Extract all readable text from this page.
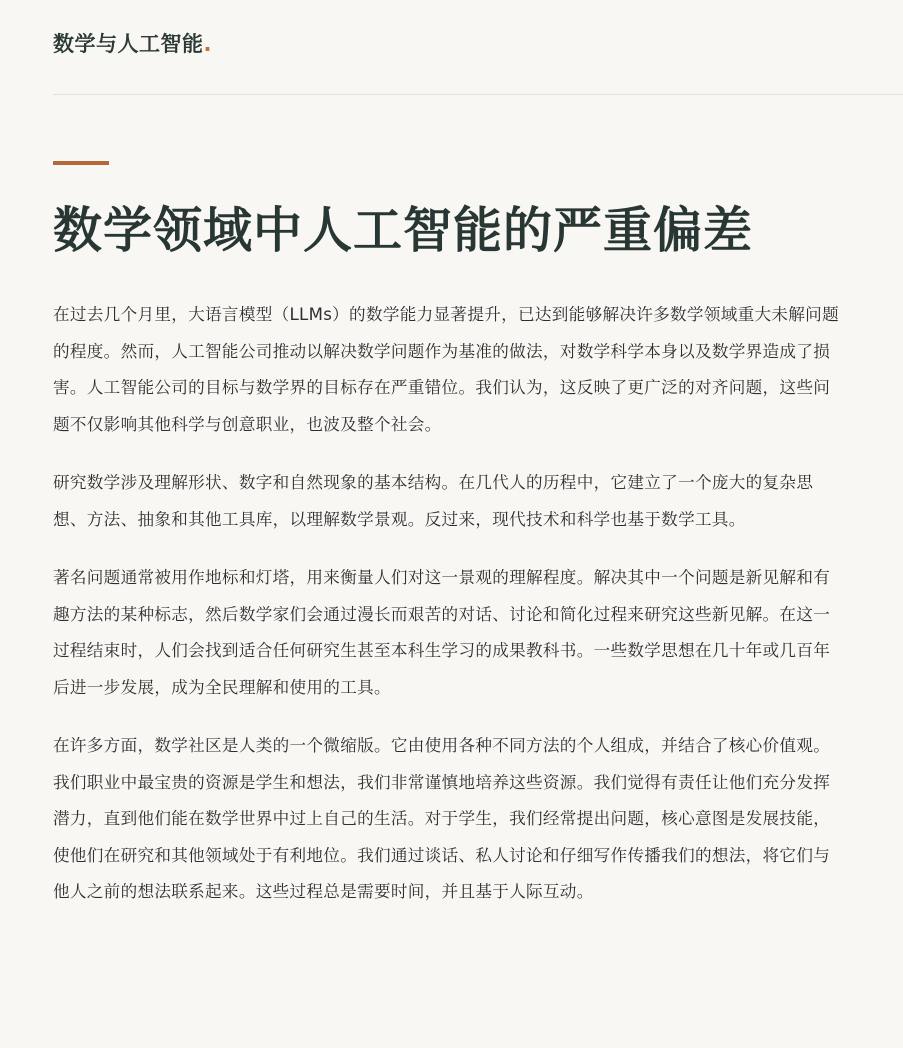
数学与人工智能.
数学领域中人工智能的严重偏差

在过去几个月里，大语言模型（LLMs）的数学能力显著提升，已达到能够解决许多数学领域重大未解问题的程度。然而，人工智能公司推动以解决数学问题作为基准的做法，对数学科学本身以及数学界造成了损害。人工智能公司的目标与数学界的目标存在严重错位。我们认为，这反映了更广泛的对齐问题，这些问题不仅影响其他科学与创意职业，也波及整个社会。

研究数学涉及理解形状、数字和自然现象的基本结构。在几代人的历程中，它建立了一个庞大的复杂思想、方法、抽象和其他工具库，以理解数学景观。反过来，现代技术和科学也基于数学工具。

著名问题通常被用作地标和灯塔，用来衡量人们对这一景观的理解程度。解决其中一个问题是新见解和有趣方法的某种标志，然后数学家们会通过漫长而艰苦的对话、讨论和简化过程来研究这些新见解。在这一过程结束时，人们会找到适合任何研究生甚至本科生学习的成果教科书。一些数学思想在几十年或几百年后进一步发展，成为全民理解和使用的工具。

在许多方面，数学社区是人类的一个微缩版。它由使用各种不同方法的个人组成，并结合了核心价值观。我们职业中最宝贵的资源是学生和想法，我们非常谨慎地培养这些资源。我们觉得有责任让他们充分发挥潜力，直到他们能在数学世界中过上自己的生活。对于学生，我们经常提出问题，核心意图是发展技能，使他们在研究和其他领域处于有利地位。我们通过谈话、私人讨论和仔细写作传播我们的想法，将它们与他人之前的想法联系起来。这些过程总是需要时间，并且基于人际互动。
